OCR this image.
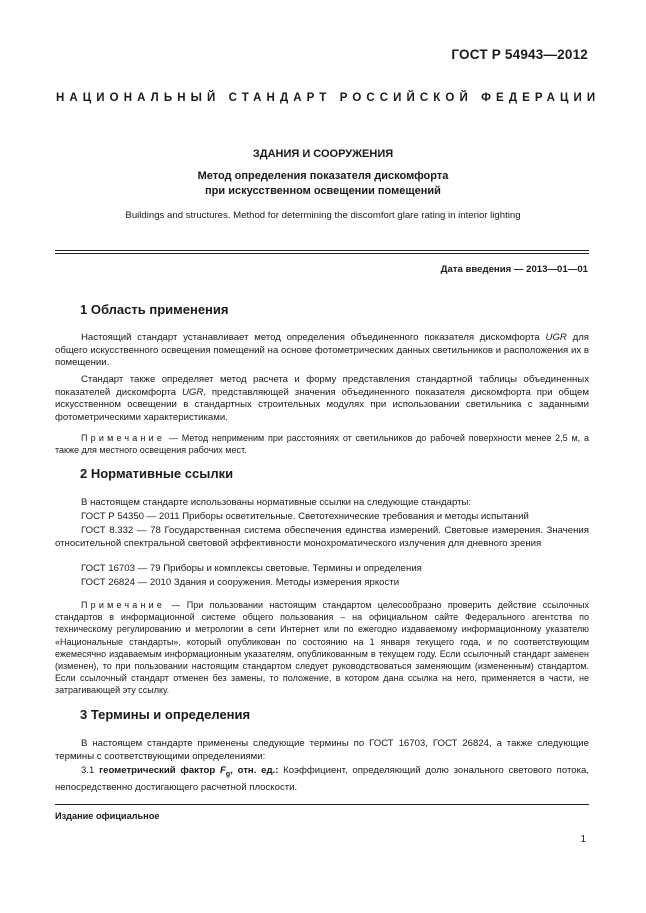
ГОСТ Р 54943—2012
НАЦИОНАЛЬНЫЙ СТАНДАРТ РОССИЙСКОЙ ФЕДЕРАЦИИ
ЗДАНИЯ И СООРУЖЕНИЯ
Метод определения показателя дискомфорта
при искусственном освещении помещений
Buildings and structures. Method for determining the discomfort glare rating in interior lighting
Дата введения — 2013—01—01
1 Область применения
Настоящий стандарт устанавливает метод определения объединенного показателя дискомфорта UGR для общего искусственного освещения помещений на основе фотометрических данных светильников и расположения их в помещении.
Стандарт также определяет метод расчета и форму представления стандартной таблицы объединенных показателей дискомфорта UGR, представляющей значения объединенного показателя дискомфорта при общем искусственном освещении в стандартных строительных модулях при использовании светильника с заданными фотометрическими характеристиками.
Примечание — Метод неприменим при расстояниях от светильников до рабочей поверхности менее 2,5 м, а также для местного освещения рабочих мест.
2 Нормативные ссылки
В настоящем стандарте использованы нормативные ссылки на следующие стандарты:
ГОСТ Р 54350 — 2011 Приборы осветительные. Светотехнические требования и методы испытаний
ГОСТ 8.332 — 78 Государственная система обеспечения единства измерений. Световые измерения. Значения относительной спектральной световой эффективности монохроматического излучения для дневного зрения
ГОСТ 16703 — 79 Приборы и комплексы световые. Термины и определения
ГОСТ 26824 — 2010 Здания и сооружения. Методы измерения яркости
Примечание — При пользовании настоящим стандартом целесообразно проверить действие ссылочных стандартов в информационной системе общего пользования – на официальном сайте Федерального агентства по техническому регулированию и метрологии в сети Интернет или по ежегодно издаваемому информационному указателю «Национальные стандарты», который опубликован по состоянию на 1 января текущего года, и по соответствующим ежемесячно издаваемым информационным указателям, опубликованным в текущем году. Если ссылочный стандарт заменен (изменен), то при пользовании настоящим стандартом следует руководствоваться заменяющим (измененным) стандартом. Если ссылочный стандарт отменен без замены, то положение, в котором дана ссылка на него, применяется в части, не затрагивающей эту ссылку.
3 Термины и определения
В настоящем стандарте применены следующие термины по ГОСТ 16703, ГОСТ 26824, а также следующие термины с соответствующими определениями:
3.1 геометрический фактор $F_g$, отн. ед.: Коэффициент, определяющий долю зонального светового потока, непосредственно достигающего расчетной плоскости.
Издание официальное
1
